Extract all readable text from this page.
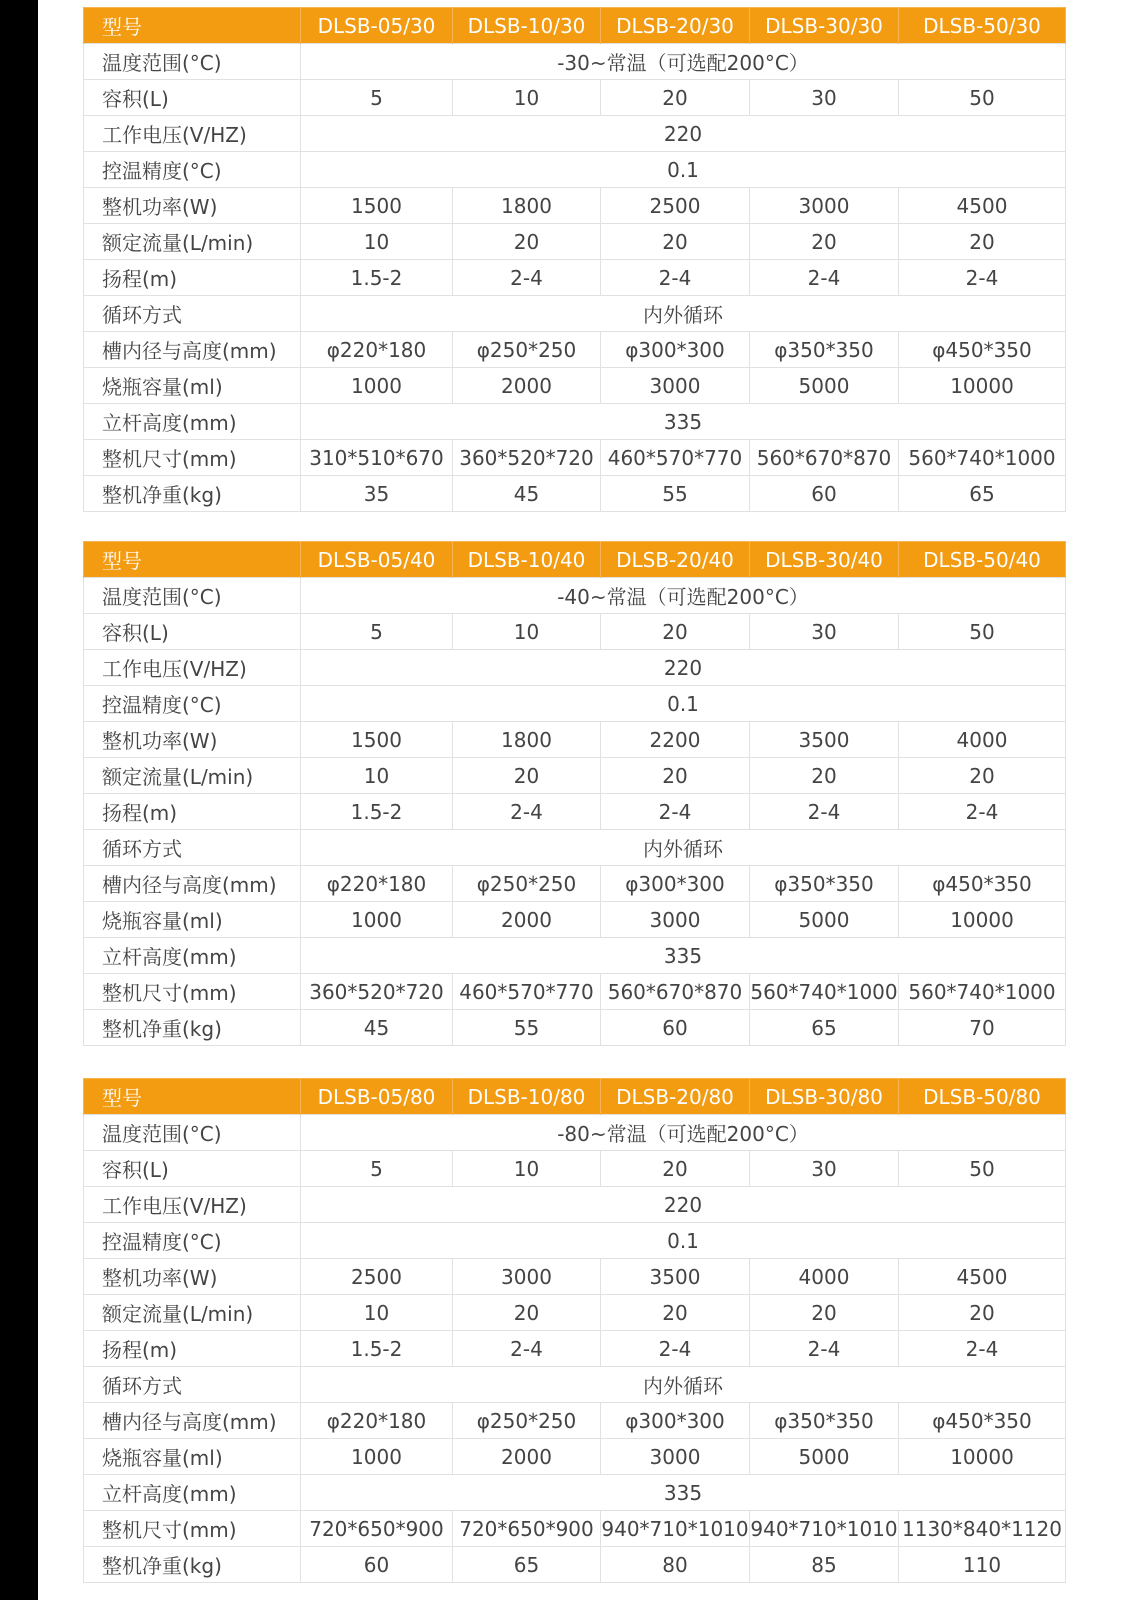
型号	DLSB-05/30	DLSB-10/30	DLSB-20/30	DLSB-30/30	DLSB-50/30
温度范围(°C)	-30~常温（可选配200°C）				
容积(L)	5	10	20	30	50
工作电压(V/HZ)	220				
控温精度(°C)	0.1				
整机功率(W)	1500	1800	2500	3000	4500
额定流量(L/min)	10	20	20	20	20
扬程(m)	1.5-2	2-4	2-4	2-4	2-4
循环方式	内外循环				
槽内径与高度(mm)	φ220*180	φ250*250	φ300*300	φ350*350	φ450*350
烧瓶容量(ml)	1000	2000	3000	5000	10000
立杆高度(mm)	335				
整机尺寸(mm)	310*510*670	360*520*720	460*570*770	560*670*870	560*740*1000
整机净重(kg)	35	45	55	60	65
型号	DLSB-05/40	DLSB-10/40	DLSB-20/40	DLSB-30/40	DLSB-50/40
温度范围(°C)	-40~常温（可选配200°C）				
容积(L)	5	10	20	30	50
工作电压(V/HZ)	220				
控温精度(°C)	0.1				
整机功率(W)	1500	1800	2200	3500	4000
额定流量(L/min)	10	20	20	20	20
扬程(m)	1.5-2	2-4	2-4	2-4	2-4
循环方式	内外循环				
槽内径与高度(mm)	φ220*180	φ250*250	φ300*300	φ350*350	φ450*350
烧瓶容量(ml)	1000	2000	3000	5000	10000
立杆高度(mm)	335				
整机尺寸(mm)	360*520*720	460*570*770	560*670*870	560*740*1000	560*740*1000
整机净重(kg)	45	55	60	65	70
型号	DLSB-05/80	DLSB-10/80	DLSB-20/80	DLSB-30/80	DLSB-50/80
温度范围(°C)	-80~常温（可选配200°C）				
容积(L)	5	10	20	30	50
工作电压(V/HZ)	220				
控温精度(°C)	0.1				
整机功率(W)	2500	3000	3500	4000	4500
额定流量(L/min)	10	20	20	20	20
扬程(m)	1.5-2	2-4	2-4	2-4	2-4
循环方式	内外循环				
槽内径与高度(mm)	φ220*180	φ250*250	φ300*300	φ350*350	φ450*350
烧瓶容量(ml)	1000	2000	3000	5000	10000
立杆高度(mm)	335				
整机尺寸(mm)	720*650*900	720*650*900	940*710*1010	940*710*1010	1130*840*1120
整机净重(kg)	60	65	80	85	110
